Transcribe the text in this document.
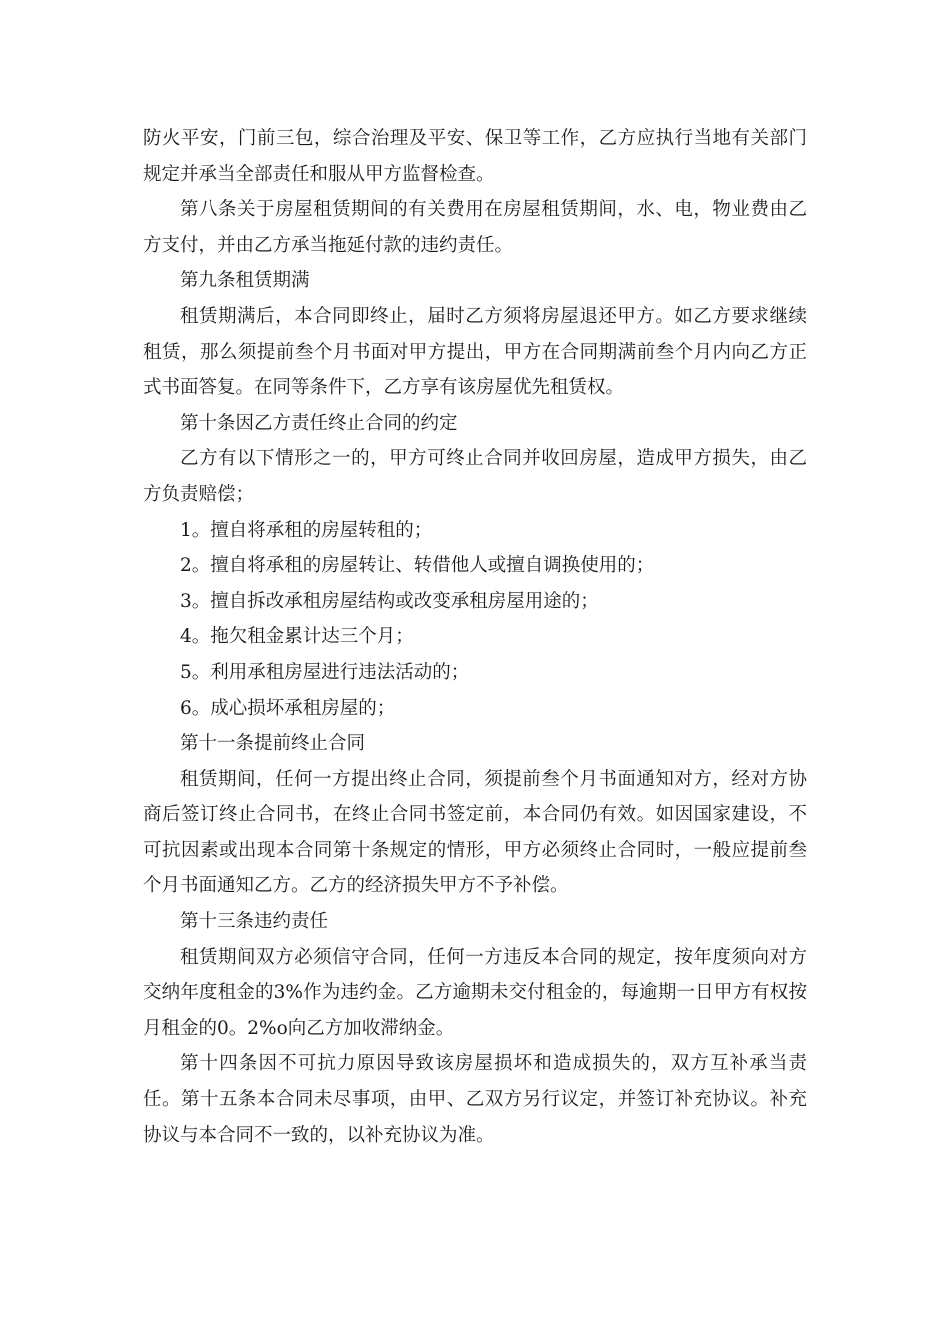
防火平安，门前三包，综合治理及平安、保卫等工作，乙方应执行当地有关部门规定并承当全部责任和服从甲方监督检查。

第八条关于房屋租赁期间的有关费用在房屋租赁期间，水、电，物业费由乙方支付，并由乙方承当拖延付款的违约责任。

第九条租赁期满

租赁期满后，本合同即终止，届时乙方须将房屋退还甲方。如乙方要求继续租赁，那么须提前叁个月书面对甲方提出，甲方在合同期满前叁个月内向乙方正式书面答复。在同等条件下，乙方享有该房屋优先租赁权。

第十条因乙方责任终止合同的约定

乙方有以下情形之一的，甲方可终止合同并收回房屋，造成甲方损失，由乙方负责赔偿；

1。擅自将承租的房屋转租的；

2。擅自将承租的房屋转让、转借他人或擅自调换使用的；

3。擅自拆改承租房屋结构或改变承租房屋用途的；

4。拖欠租金累计达三个月；

5。利用承租房屋进行违法活动的；

6。成心损坏承租房屋的；

第十一条提前终止合同

租赁期间，任何一方提出终止合同，须提前叁个月书面通知对方，经对方协商后签订终止合同书，在终止合同书签定前，本合同仍有效。如因国家建设，不可抗因素或出现本合同第十条规定的情形，甲方必须终止合同时，一般应提前叁个月书面通知乙方。乙方的经济损失甲方不予补偿。

第十三条违约责任

租赁期间双方必须信守合同，任何一方违反本合同的规定，按年度须向对方交纳年度租金的3%作为违约金。乙方逾期未交付租金的，每逾期一日甲方有权按月租金的0。2%o向乙方加收滞纳金。

第十四条因不可抗力原因导致该房屋损坏和造成损失的，双方互补承当责任。第十五条本合同未尽事项，由甲、乙双方另行议定，并签订补充协议。补充协议与本合同不一致的，以补充协议为准。
